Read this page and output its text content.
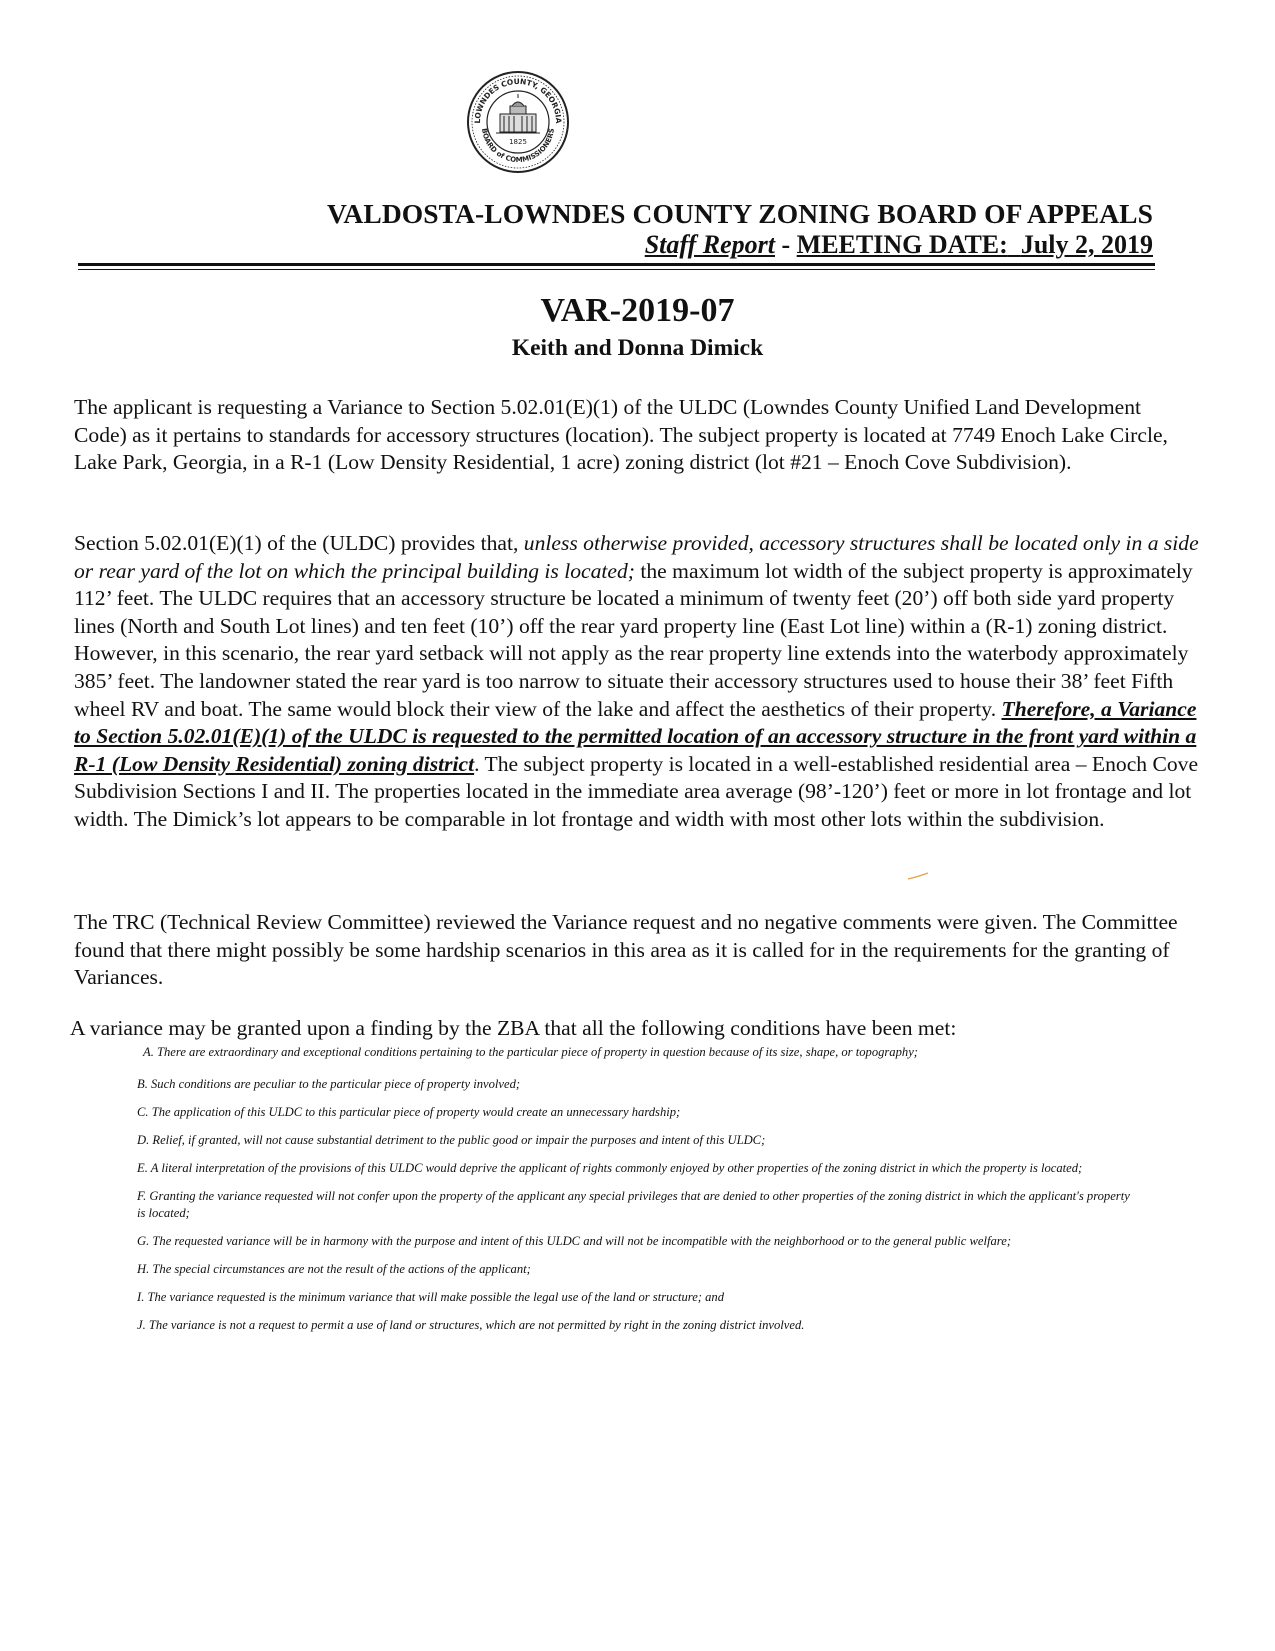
LOWNDES COUNTY, GEORGIA
BOARD of COMMISSIONERS
1825
VALDOSTA-LOWNDES COUNTY ZONING BOARD OF APPEALS
Staff Report - MEETING DATE: July 2, 2019
VAR-2019-07
Keith and Donna Dimick

The applicant is requesting a Variance to Section 5.02.01(E)(1) of the ULDC (Lowndes County Unified Land Development Code) as it pertains to standards for accessory structures (location). The subject property is located at 7749 Enoch Lake Circle, Lake Park, Georgia, in a R-1 (Low Density Residential, 1 acre) zoning district (lot #21 – Enoch Cove Subdivision).

Section 5.02.01(E)(1) of the (ULDC) provides that, unless otherwise provided, accessory structures shall be located only in a side or rear yard of the lot on which the principal building is located; the maximum lot width of the subject property is approximately 112’ feet. The ULDC requires that an accessory structure be located a minimum of twenty feet (20’) off both side yard property lines (North and South Lot lines) and ten feet (10’) off the rear yard property line (East Lot line) within a (R-1) zoning district. However, in this scenario, the rear yard setback will not apply as the rear property line extends into the waterbody approximately 385’ feet. The landowner stated the rear yard is too narrow to situate their accessory structures used to house their 38’ feet Fifth wheel RV and boat. The same would block their view of the lake and affect the aesthetics of their property. Therefore, a Variance to Section 5.02.01(E)(1) of the ULDC is requested to the permitted location of an accessory structure in the front yard within a R-1 (Low Density Residential) zoning district. The subject property is located in a well-established residential area – Enoch Cove Subdivision Sections I and II. The properties located in the immediate area average (98’-120’) feet or more in lot frontage and lot width. The Dimick’s lot appears to be comparable in lot frontage and width with most other lots within the subdivision.

The TRC (Technical Review Committee) reviewed the Variance request and no negative comments were given. The Committee found that there might possibly be some hardship scenarios in this area as it is called for in the requirements for the granting of Variances.

A variance may be granted upon a finding by the ZBA that all the following conditions have been met:

A. There are extraordinary and exceptional conditions pertaining to the particular piece of property in question because of its size, shape, or topography;
B. Such conditions are peculiar to the particular piece of property involved;
C. The application of this ULDC to this particular piece of property would create an unnecessary hardship;
D. Relief, if granted, will not cause substantial detriment to the public good or impair the purposes and intent of this ULDC;
E. A literal interpretation of the provisions of this ULDC would deprive the applicant of rights commonly enjoyed by other properties of the zoning district in which the property is located;
F. Granting the variance requested will not confer upon the property of the applicant any special privileges that are denied to other properties of the zoning district in which the applicant's property is located;
G. The requested variance will be in harmony with the purpose and intent of this ULDC and will not be incompatible with the neighborhood or to the general public welfare;
H. The special circumstances are not the result of the actions of the applicant;
I. The variance requested is the minimum variance that will make possible the legal use of the land or structure; and
J. The variance is not a request to permit a use of land or structures, which are not permitted by right in the zoning district involved.
